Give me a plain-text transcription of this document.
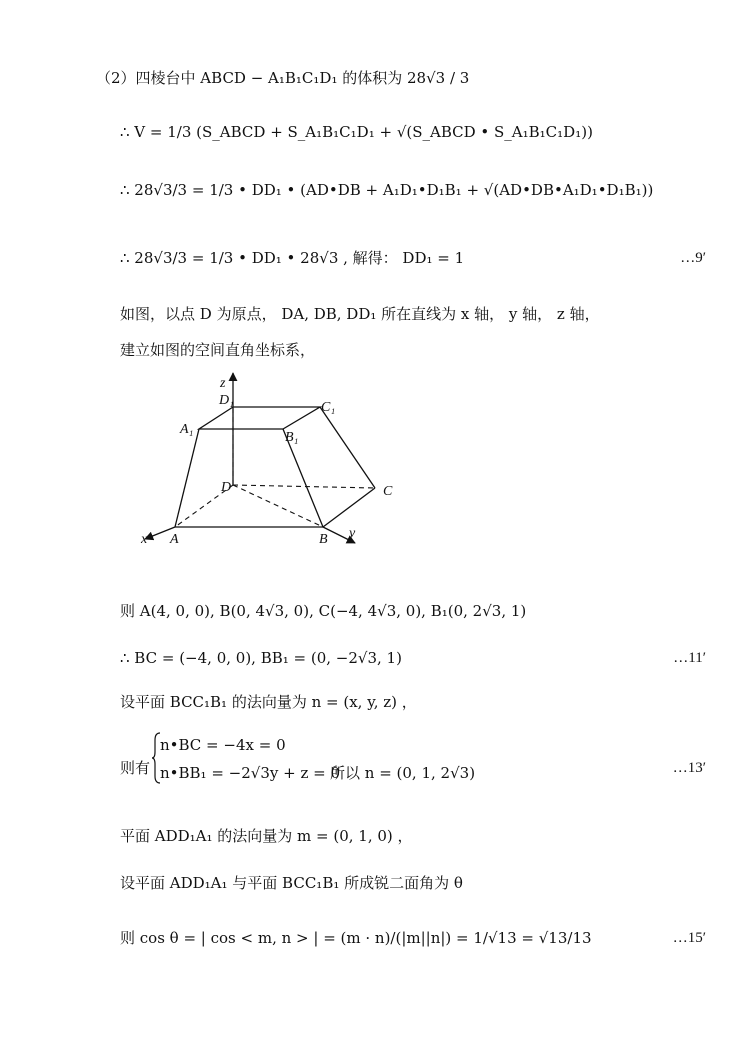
（2）四棱台中 ABCD − A₁B₁C₁D₁ 的体积为 28√3 / 3
∴ V = 1/3 (S_ABCD + S_A₁B₁C₁D₁ + √(S_ABCD • S_A₁B₁C₁D₁))
∴ 28√3/3 = 1/3 • DD₁ • (AD•DB + A₁D₁•D₁B₁ + √(AD•DB•A₁D₁•D₁B₁))
∴ 28√3/3 = 1/3 • DD₁ • 28√3 , 解得： DD₁ = 1	…9′
如图，以点 D 为原点， DA, DB, DD₁ 所在直线为 x 轴， y 轴， z 轴，
建立如图的空间直角坐标系，
z
D₁	C₁
A₁
B₁
D	C
x A	B y
则 A(4, 0, 0), B(0, 4√3, 0), C(−4, 4√3, 0), B₁(0, 2√3, 1)
∴ BC = (−4, 0, 0), BB₁ = (0, −2√3, 1)	…11′
设平面 BCC₁B₁ 的法向量为 n = (x, y, z) ，
则有	…13′
n•BC = −4x = 0
n•BB₁ = −2√3y + z = 0
所以 n = (0, 1, 2√3)
平面 ADD₁A₁ 的法向量为 m = (0, 1, 0) ，
设平面 ADD₁A₁ 与平面 BCC₁B₁ 所成锐二面角为 θ
则 cos θ = | cos < m, n > | = (m · n)/(|m||n|) = 1/√13 = √13/13	…15′
